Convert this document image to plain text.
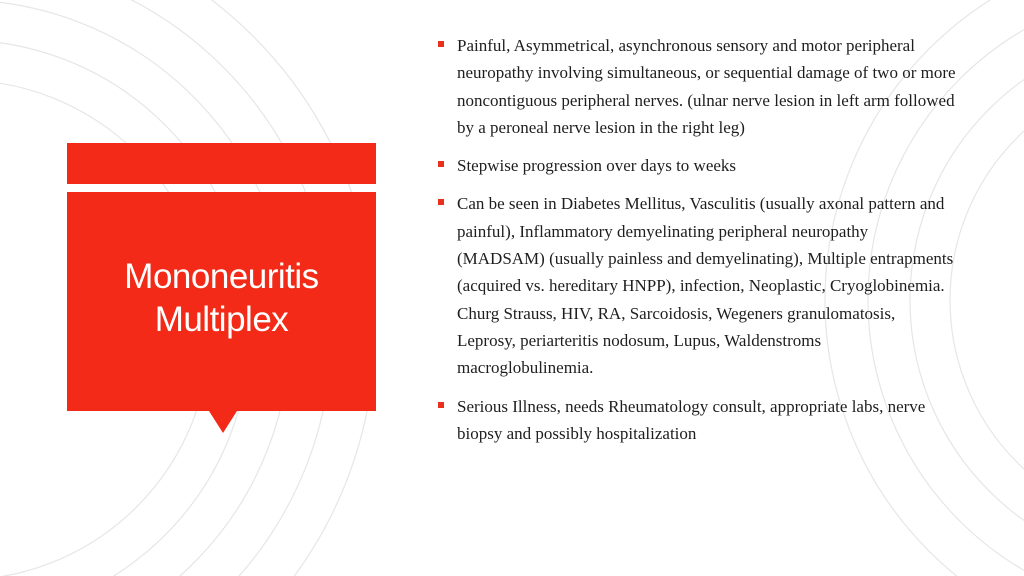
Mononeuritis
Multiplex
Painful, Asymmetrical, asynchronous sensory and motor peripheral neuropathy involving simultaneous, or sequential damage of two or more noncontiguous peripheral nerves. (ulnar nerve lesion in left arm followed by a peroneal nerve lesion in the right leg)
Stepwise progression over days to weeks
Can be seen in Diabetes Mellitus, Vasculitis (usually axonal pattern and painful), Inflammatory demyelinating peripheral neuropathy (MADSAM) (usually painless and demyelinating), Multiple entrapments (acquired vs. hereditary HNPP), infection, Neoplastic, Cryoglobinemia. Churg Strauss, HIV, RA, Sarcoidosis, Wegeners granulomatosis, Leprosy, periarteritis nodosum, Lupus, Waldenstroms macroglobulinemia.
Serious Illness, needs Rheumatology consult, appropriate labs, nerve biopsy and possibly hospitalization
